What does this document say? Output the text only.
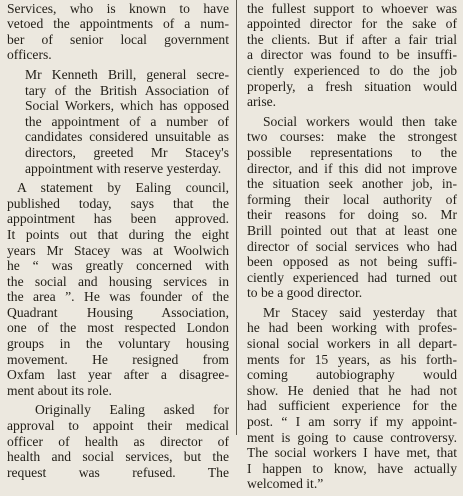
Services, who is known to have
vetoed the appointments of a num-
ber of senior local government
officers.

Mr Kenneth Brill, general secre-
tary of the British Association of
Social Workers, which has opposed
the appointment of a number of
candidates considered unsuitable as
directors, greeted Mr Stacey's
appointment with reserve yesterday.

A statement by Ealing council,
published today, says that the
appointment has been approved.
It points out that during the eight
years Mr Stacey was at Woolwich
he “ was greatly concerned with
the social and housing services in
the area ”. He was founder of the
Quadrant Housing Association,
one of the most respected London
groups in the voluntary housing
movement. He resigned from
Oxfam last year after a disagree-
ment about its role.

Originally Ealing asked for
approval to appoint their medical
officer of health as director of
health and social services, but the
request was refused. The

the fullest support to whoever was
appointed director for the sake of
the clients. But if after a fair trial
a director was found to be insuffi-
ciently experienced to do the job
properly, a fresh situation would
arise.

Social workers would then take
two courses: make the strongest
possible representations to the
director, and if this did not improve
the situation seek another job, in-
forming their local authority of
their reasons for doing so. Mr
Brill pointed out that at least one
director of social services who had
been opposed as not being suffi-
ciently experienced had turned out
to be a good director.

Mr Stacey said yesterday that
he had been working with profes-
sional social workers in all depart-
ments for 15 years, as his forth-
coming autobiography would
show. He denied that he had not
had sufficient experience for the
post. “ I am sorry if my appoint-
ment is going to cause controversy.
The social workers I have met, that
I happen to know, have actually
welcomed it.”
